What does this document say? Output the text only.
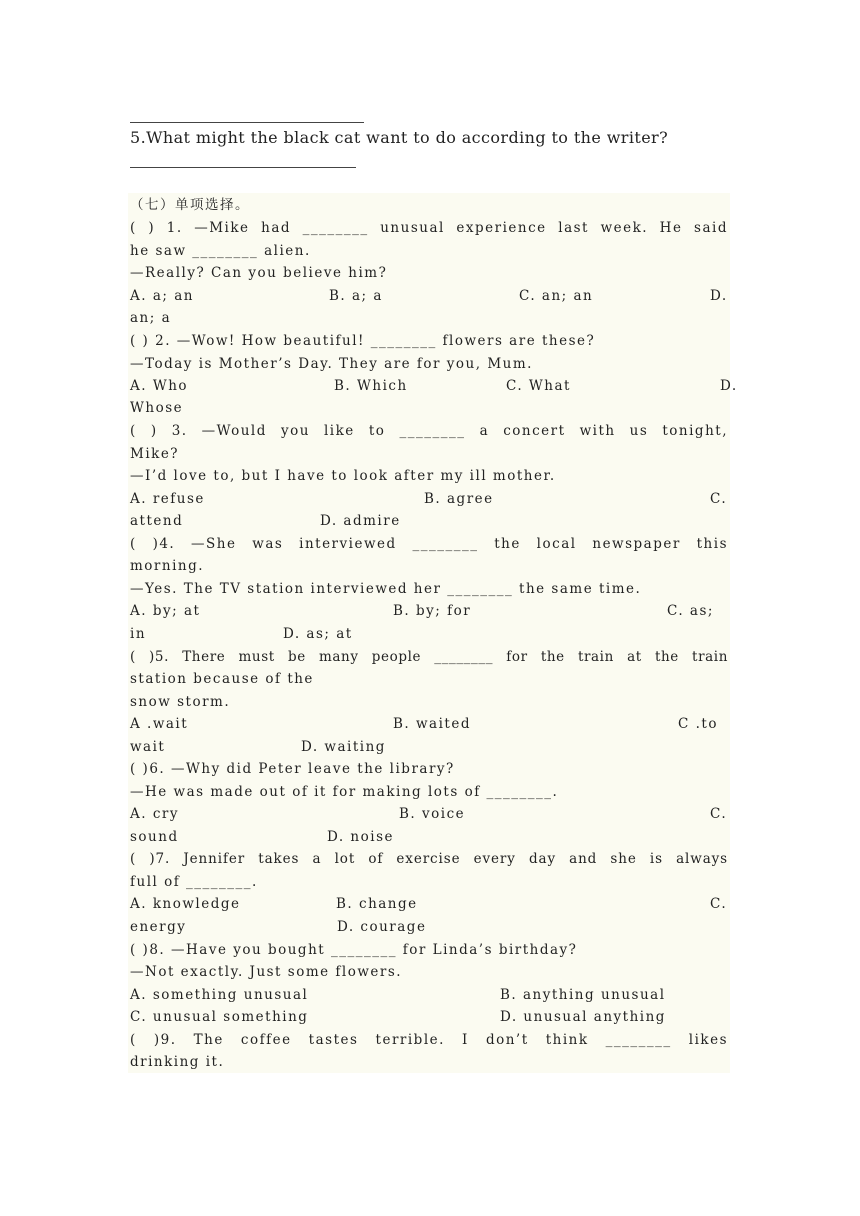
5.What might the black cat want to do according to the writer?
（七）单项选择。
( ) 1. —Mike had ________ unusual experience last week. He said
he saw ________ alien.
—Really? Can you believe him?
A. a; an	B. a; a	C. an; an	D.
an; a
( ) 2. —Wow! How beautiful! ________ flowers are these?
—Today is Mother’s Day. They are for you, Mum.
A. Who	B. Which	C. What	D.
Whose
( ) 3. —Would you like to ________ a concert with us tonight,
Mike?
—I’d love to, but I have to look after my ill mother.
A. refuse	B. agree	C.
attend	D. admire
( )4. —She was interviewed ________ the local newspaper this
morning.
—Yes. The TV station interviewed her ________ the same time.
A. by; at	B. by; for	C. as;
in	D. as; at
( )5. There must be many people ________ for the train at the train
station because of the
snow storm.
A .wait	B. waited	C .to
wait	D. waiting
( )6. —Why did Peter leave the library?
—He was made out of it for making lots of ________.
A. cry	B. voice	C.
sound	D. noise
( )7. Jennifer takes a lot of exercise every day and she is always
full of ________.
A. knowledge	B. change	C.
energy	D. courage
( )8. —Have you bought ________ for Linda’s birthday?
—Not exactly. Just some flowers.
A. something unusual	B. anything unusual
C. unusual something	D. unusual anything
( )9. The coffee tastes terrible. I don’t think ________ likes
drinking it.
